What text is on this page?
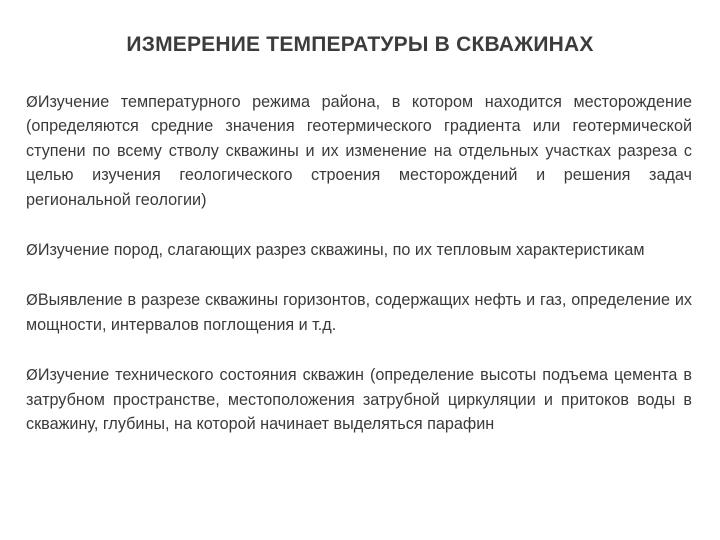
ИЗМЕРЕНИЕ ТЕМПЕРАТУРЫ В СКВАЖИНАХ
ØИзучение температурного режима района, в котором находится месторождение (определяются средние значения геотермического градиента или геотермической ступени по всему стволу скважины и их изменение на отдельных участках разреза с целью изучения геологического строения месторождений и решения задач региональной геологии)
ØИзучение пород, слагающих разрез скважины, по их тепловым характеристикам
ØВыявление в разрезе скважины горизонтов, содержащих нефть и газ, определение их мощности, интервалов поглощения и т.д.
ØИзучение технического состояния скважин (определение высоты подъема цемента в затрубном пространстве, местоположения затрубной циркуляции и притоков воды в скважину, глубины, на которой начинает выделяться парафин
